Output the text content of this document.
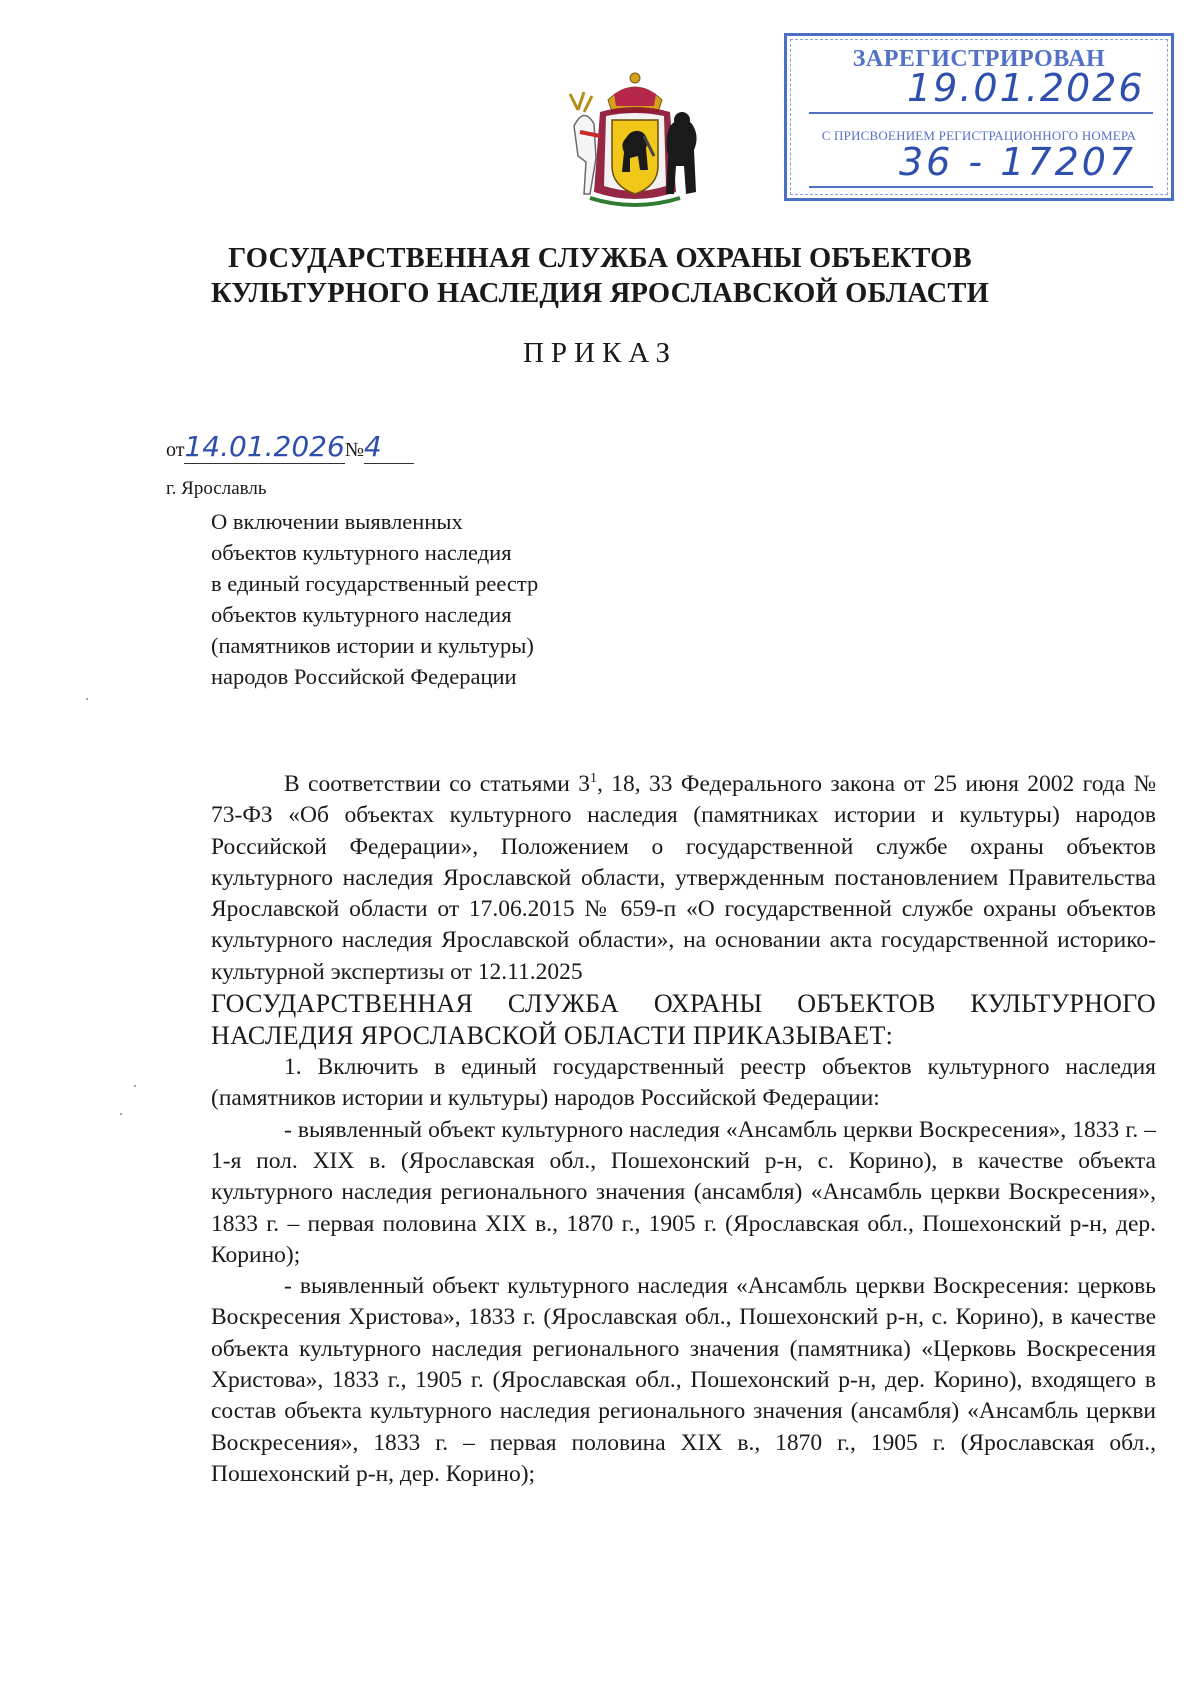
ЗАРЕГИСТРИРОВАН
19.01.2026
С ПРИСВОЕНИЕМ РЕГИСТРАЦИОННОГО НОМЕРА
36 - 17207
ГОСУДАРСТВЕННАЯ СЛУЖБА ОХРАНЫ ОБЪЕКТОВ
КУЛЬТУРНОГО НАСЛЕДИЯ ЯРОСЛАВСКОЙ ОБЛАСТИ
ПРИКАЗ
от14.01.2026№4
г. Ярославль
О включении выявленных
объектов культурного наследия
в единый государственный реестр
объектов культурного наследия
(памятников истории и культуры)
народов Российской Федерации

В соответствии со статьями $3^1$, 18, 33 Федерального закона от 25 июня 2002 года № 73-ФЗ «Об объектах культурного наследия (памятниках истории и культуры) народов Российской Федерации», Положением о государственной службе охраны объектов культурного наследия Ярославской области, утвержденным постановлением Правительства Ярославской области от 17.06.2015 № 659-п «О государственной службе охраны объектов культурного наследия Ярославской области», на основании акта государственной историко-культурной экспертизы от 12.11.2025

ГОСУДАРСТВЕННАЯ СЛУЖБА ОХРАНЫ ОБЪЕКТОВ КУЛЬТУРНОГО НАСЛЕДИЯ ЯРОСЛАВСКОЙ ОБЛАСТИ ПРИКАЗЫВАЕТ:

1. Включить в единый государственный реестр объектов культурного наследия (памятников истории и культуры) народов Российской Федерации:

- выявленный объект культурного наследия «Ансамбль церкви Воскресения», 1833 г. – 1-я пол. XIX в. (Ярославская обл., Пошехонский р-н, с. Корино), в качестве объекта культурного наследия регионального значения (ансамбля) «Ансамбль церкви Воскресения», 1833 г. – первая половина XIX в., 1870 г., 1905 г. (Ярославская обл., Пошехонский р-н, дер. Корино);

- выявленный объект культурного наследия «Ансамбль церкви Воскресения: церковь Воскресения Христова», 1833 г. (Ярославская обл., Пошехонский р-н, с. Корино), в качестве объекта культурного наследия регионального значения (памятника) «Церковь Воскресения Христова», 1833 г., 1905 г. (Ярославская обл., Пошехонский р-н, дер. Корино), входящего в состав объекта культурного наследия регионального значения (ансамбля) «Ансамбль церкви Воскресения», 1833 г. – первая половина XIX в., 1870 г., 1905 г. (Ярославская обл., Пошехонский р-н, дер. Корино);
